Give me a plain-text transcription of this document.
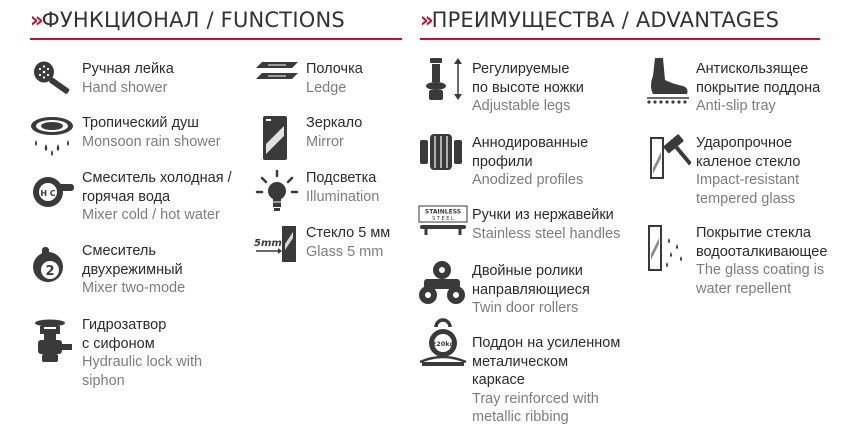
»ФУНКЦИОНАЛ / FUNCTIONS	»ПРЕИМУЩЕСТВА / ADVANTAGES
Ручная лейка
Hand shower
Тропический душ
Monsoon rain shower
H C
Смеситель холодная /
горячая вода
Mixer cold / hot water
2
Смеситель
двухрежимный
Mixer two-mode
Гидрозатвор
с сифоном
Hydraulic lock with
siphon
Полочка
Ledge
Зеркало
Mirror
Подсветка
Illumination
5mm
Стекло 5 мм
Glass 5 mm
Регулируемые
по высоте ножки
Adjustable legs
Аннодированные
профили
Anodized profiles
STAINLESS
S T E E L Ручки из нержавейки
Stainless steel handles
Двойные ролики
направляющиеся
Twin door rollers
220kg Поддон на усиленном
металическом
каркасе
Tray reinforced with
metallic ribbing
Антискользящее
покрытие поддона
Anti-slip tray
Ударопрочное
каленое стекло
Impact-resistant
tempered glass
Покрытие стекла
водооталкивающее
The glass coating is
water repellent
